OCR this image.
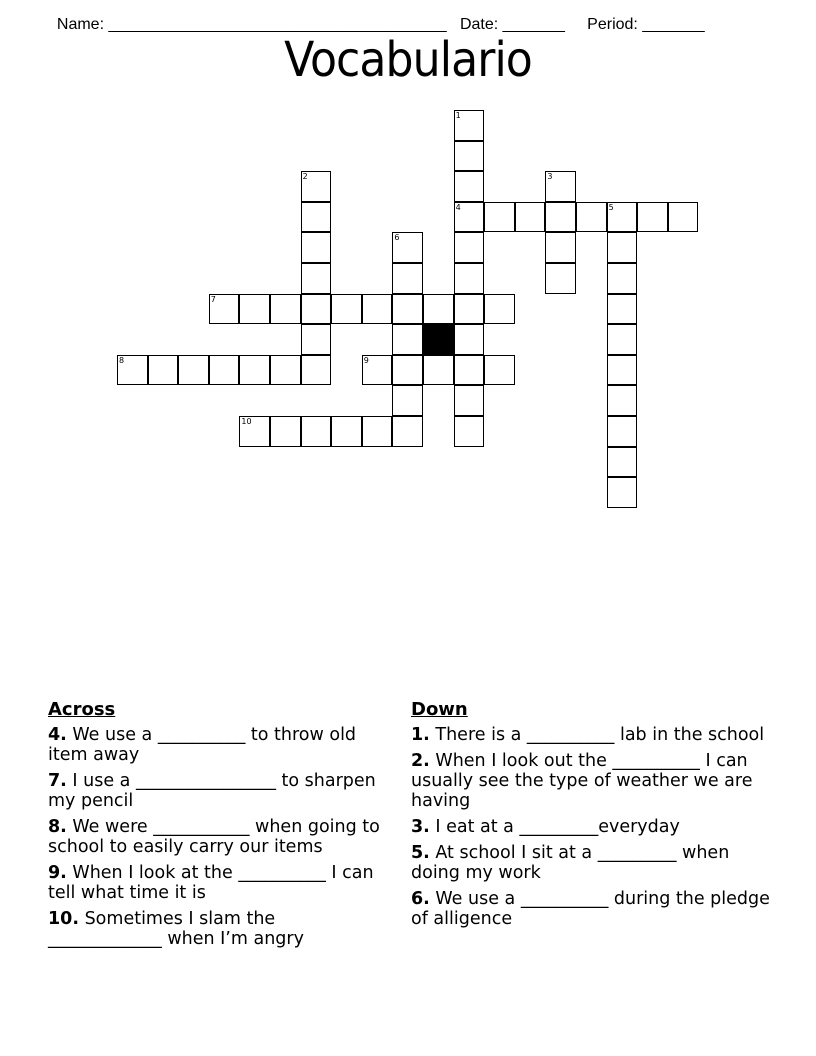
Name: ______________________________________ Date: _______ Period: _______

Vocabulario
1
4
2	3
5
6
7
8	9
10
Across
4. We use a __________ to throw old item away
7. I use a ________________ to sharpen my pencil
8. We were ___________ when going to school to easily carry our items
9. When I look at the __________ I can tell what time it is
10. Sometimes I slam the _____________ when I’m angry
Down
1. There is a __________ lab in the school
2. When I look out the __________ I can usually see the type of weather we are having
3. I eat at a _________everyday
5. At school I sit at a _________ when doing my work
6. We use a __________ during the pledge of alligence
